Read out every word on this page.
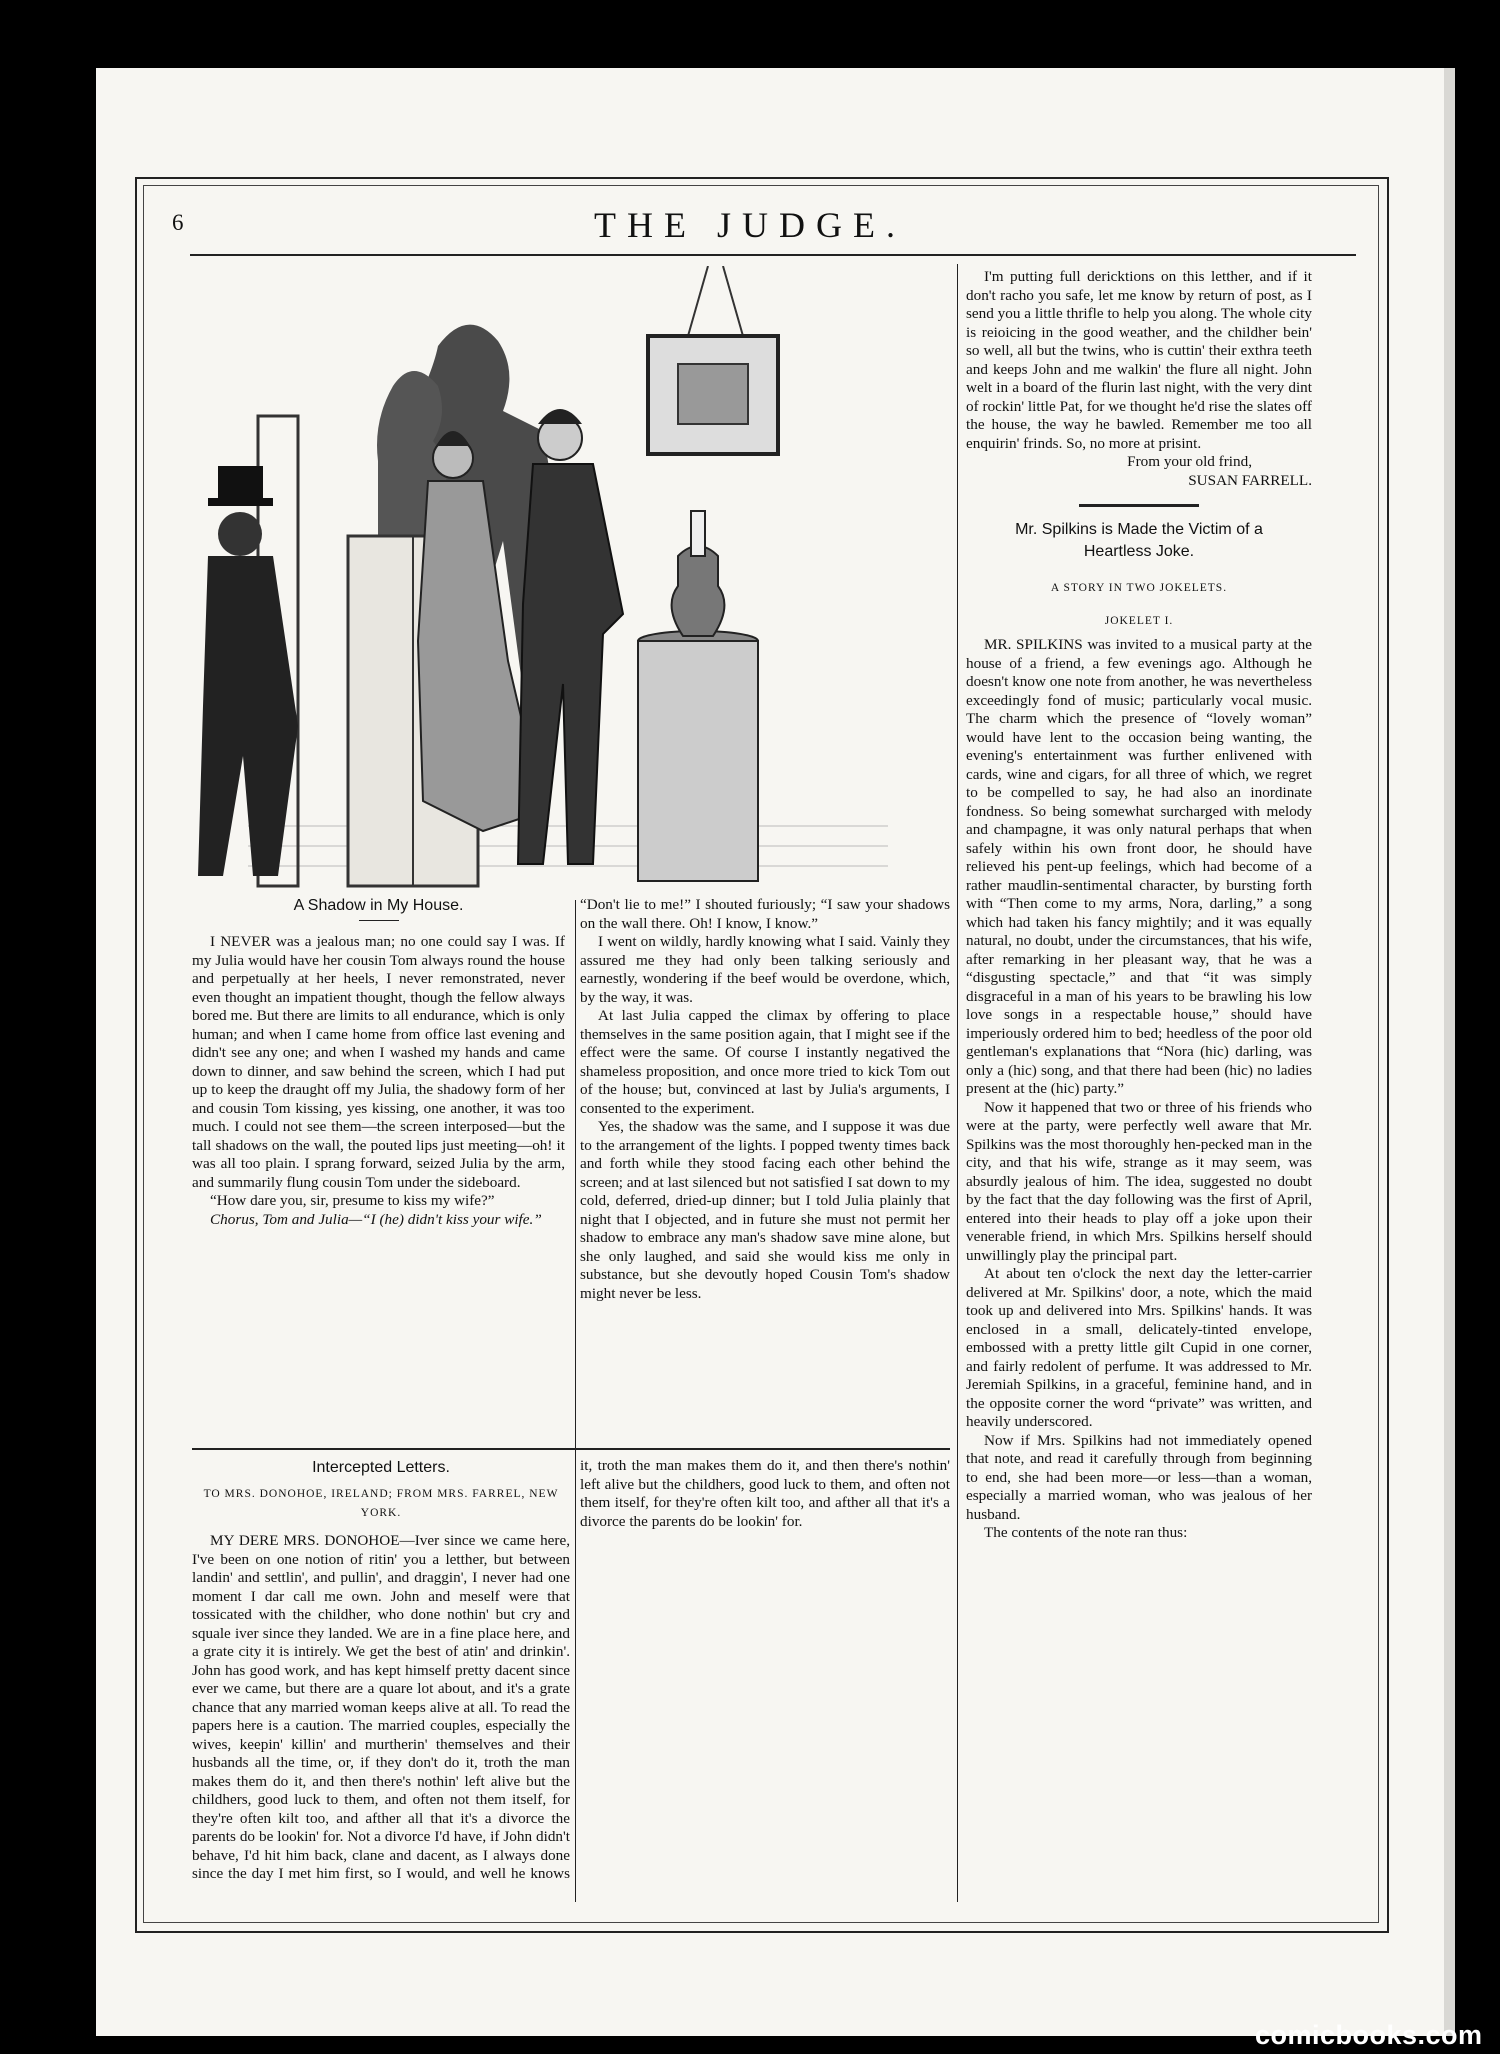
6	THE JUDGE.
A Shadow in My House.

I NEVER was a jealous man; no one could say I was. If my Julia would have her cousin Tom always round the house and perpetually at her heels, I never remonstrated, never even thought an impatient thought, though the fellow always bored me. But there are limits to all endurance, which is only human; and when I came home from office last evening and didn't see any one; and when I washed my hands and came down to dinner, and saw behind the screen, which I had put up to keep the draught off my Julia, the shadowy form of her and cousin Tom kissing, yes kissing, one another, it was too much. I could not see them—the screen interposed—but the tall shadows on the wall, the pouted lips just meeting—oh! it was all too plain. I sprang forward, seized Julia by the arm, and summarily flung cousin Tom under the sideboard.

“How dare you, sir, presume to kiss my wife?”

Chorus, Tom and Julia—“I (he) didn't kiss your wife.”

“Don't lie to me!” I shouted furiously; “I saw your shadows on the wall there. Oh! I know, I know.”

I went on wildly, hardly knowing what I said. Vainly they assured me they had only been talking seriously and earnestly, wondering if the beef would be overdone, which, by the way, it was.

At last Julia capped the climax by offering to place themselves in the same position again, that I might see if the effect were the same. Of course I instantly negatived the shameless proposition, and once more tried to kick Tom out of the house; but, convinced at last by Julia's arguments, I consented to the experiment.

Yes, the shadow was the same, and I suppose it was due to the arrangement of the lights. I popped twenty times back and forth while they stood facing each other behind the screen; and at last silenced but not satisfied I sat down to my cold, deferred, dried-up dinner; but I told Julia plainly that night that I objected, and in future she must not permit her shadow to embrace any man's shadow save mine alone, but she only laughed, and said she would kiss me only in substance, but she devoutly hoped Cousin Tom's shadow might never be less.

Intercepted Letters.
TO MRS. DONOHOE, IRELAND; FROM MRS. FARREL, NEW YORK.

MY DERE MRS. DONOHOE—Iver since we came here, I've been on one notion of ritin' you a letther, but between landin' and settlin', and pullin', and draggin', I never had one moment I dar call me own. John and meself were that tossicated with the childher, who done nothin' but cry and squale iver since they landed. We are in a fine place here, and a grate city it is intirely. We get the best of atin' and drinkin'. John has good work, and has kept himself pretty dacent since ever we came, but there are a quare lot about, and it's a grate chance that any married woman keeps alive at all. To read the papers here is a caution. The married couples, especially the wives, keepin' killin' and murtherin' themselves and their husbands all the time, or, if they don't do it, troth the man makes them do it, and then there's nothin' left alive but the childhers, good luck to them, and often not them itself, for they're often kilt too, and afther all that it's a divorce the parents do be lookin' for. Not a divorce I'd have, if John didn't behave, I'd hit him back, clane and dacent, as I always done since the day I met him first, so I would, and well he knows

it, troth the man makes them do it, and then there's nothin' left alive but the childhers, good luck to them, and often not them itself, for they're often kilt too, and afther all that it's a divorce the parents do be lookin' for.

I'm putting full dericktions on this letther, and if it don't racho you safe, let me know by return of post, as I send you a little thrifle to help you along. The whole city is reioicing in the good weather, and the childher bein' so well, all but the twins, who is cuttin' their exthra teeth and keeps John and me walkin' the flure all night. John welt in a board of the flurin last night, with the very dint of rockin' little Pat, for we thought he'd rise the slates off the house, the way he bawled. Remember me too all enquirin' frinds. So, no more at prisint.

From your old frind,
SUSAN FARRELL.
Mr. Spilkins is Made the Victim of a
Heartless Joke.
A STORY IN TWO JOKELETS.
JOKELET I.

MR. SPILKINS was invited to a musical party at the house of a friend, a few evenings ago. Although he doesn't know one note from another, he was nevertheless exceedingly fond of music; particularly vocal music. The charm which the presence of “lovely woman” would have lent to the occasion being wanting, the evening's entertainment was further enlivened with cards, wine and cigars, for all three of which, we regret to be compelled to say, he had also an inordinate fondness. So being somewhat surcharged with melody and champagne, it was only natural perhaps that when safely within his own front door, he should have relieved his pent-up feelings, which had become of a rather maudlin-sentimental character, by bursting forth with “Then come to my arms, Nora, darling,” a song which had taken his fancy mightily; and it was equally natural, no doubt, under the circumstances, that his wife, after remarking in her pleasant way, that he was a “disgusting spectacle,” and that “it was simply disgraceful in a man of his years to be brawling his low love songs in a respectable house,” should have imperiously ordered him to bed; heedless of the poor old gentleman's explanations that “Nora (hic) darling, was only a (hic) song, and that there had been (hic) no ladies present at the (hic) party.”

Now it happened that two or three of his friends who were at the party, were perfectly well aware that Mr. Spilkins was the most thoroughly hen-pecked man in the city, and that his wife, strange as it may seem, was absurdly jealous of him. The idea, suggested no doubt by the fact that the day following was the first of April, entered into their heads to play off a joke upon their venerable friend, in which Mrs. Spilkins herself should unwillingly play the principal part.

At about ten o'clock the next day the letter-carrier delivered at Mr. Spilkins' door, a note, which the maid took up and delivered into Mrs. Spilkins' hands. It was enclosed in a small, delicately-tinted envelope, embossed with a pretty little gilt Cupid in one corner, and fairly redolent of perfume. It was addressed to Mr. Jeremiah Spilkins, in a graceful, feminine hand, and in the opposite corner the word “private” was written, and heavily underscored.

Now if Mrs. Spilkins had not immediately opened that note, and read it carefully through from beginning to end, she had been more—or less—than a woman, especially a married woman, who was jealous of her husband.

The contents of the note ran thus:

comicbooks.com
